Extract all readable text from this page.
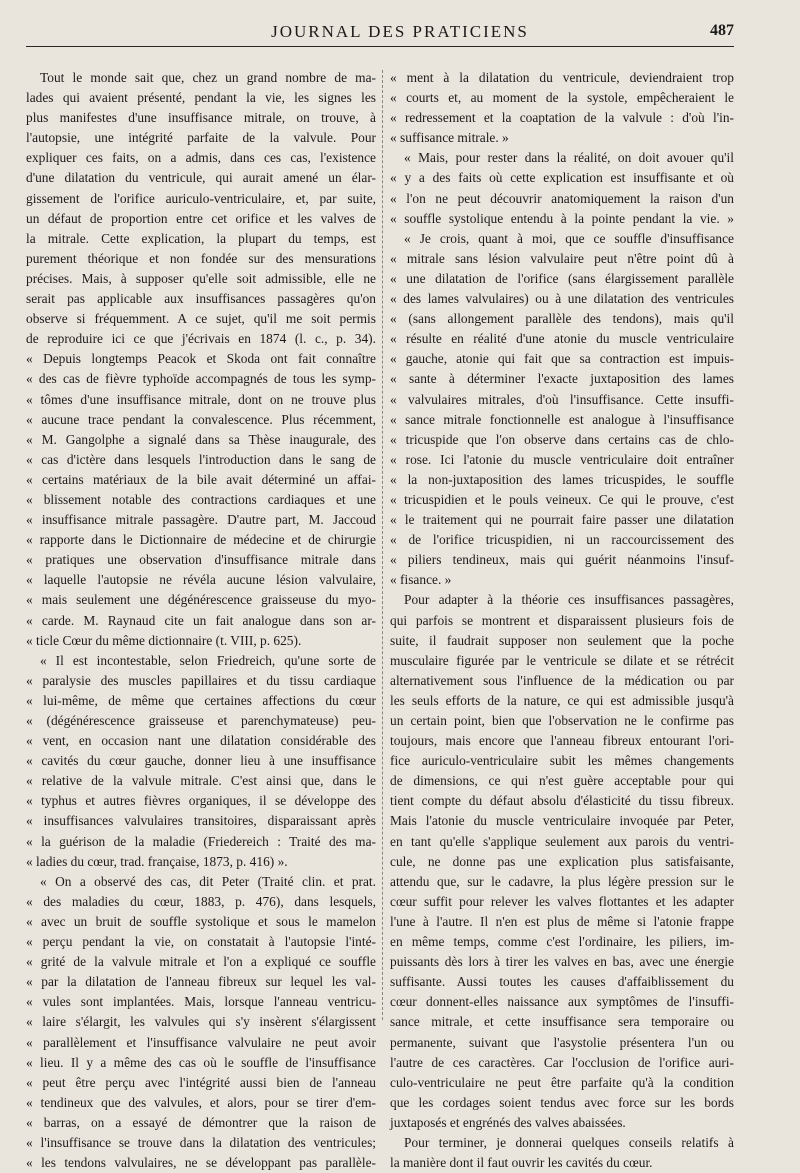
JOURNAL DES PRATICIENS	487
Tout le monde sait que, chez un grand nombre de ma-
lades qui avaient présenté, pendant la vie, les signes les
plus manifestes d'une insuffisance mitrale, on trouve, à
l'autopsie, une intégrité parfaite de la valvule. Pour
expliquer ces faits, on a admis, dans ces cas, l'existence
d'une dilatation du ventricule, qui aurait amené un élar-
gissement de l'orifice auriculo-ventriculaire, et, par suite,
un défaut de proportion entre cet orifice et les valves de
la mitrale. Cette explication, la plupart du temps, est
purement théorique et non fondée sur des mensurations
précises. Mais, à supposer qu'elle soit admissible, elle ne
serait pas applicable aux insuffisances passagères qu'on
observe si fréquemment. A ce sujet, qu'il me soit permis
de reproduire ici ce que j'écrivais en 1874 (l. c., p. 34).
« Depuis longtemps Peacok et Skoda ont fait connaître
« des cas de fièvre typhoïde accompagnés de tous les symp-
« tômes d'une insuffisance mitrale, dont on ne trouve plus
« aucune trace pendant la convalescence. Plus récemment,
« M. Gangolphe a signalé dans sa Thèse inaugurale, des
« cas d'ictère dans lesquels l'introduction dans le sang de
« certains matériaux de la bile avait déterminé un affai-
« blissement notable des contractions cardiaques et une
« insuffisance mitrale passagère. D'autre part, M. Jaccoud
« rapporte dans le Dictionnaire de médecine et de chirurgie
« pratiques une observation d'insuffisance mitrale dans
« laquelle l'autopsie ne révéla aucune lésion valvulaire,
« mais seulement une dégénérescence graisseuse du myo-
« carde. M. Raynaud cite un fait analogue dans son ar-
« ticle Cœur du même dictionnaire (t. VIII, p. 625).
« Il est incontestable, selon Friedreich, qu'une sorte de
« paralysie des muscles papillaires et du tissu cardiaque
« lui-même, de même que certaines affections du cœur
« (dégénérescence graisseuse et parenchymateuse) peu-
« vent, en occasion nant une dilatation considérable des
« cavités du cœur gauche, donner lieu à une insuffisance
« relative de la valvule mitrale. C'est ainsi que, dans le
« typhus et autres fièvres organiques, il se développe des
« insuffisances valvulaires transitoires, disparaissant après
« la guérison de la maladie (Friedereich : Traité des ma-
« ladies du cœur, trad. française, 1873, p. 416) ».
« On a observé des cas, dit Peter (Traité clin. et prat.
« des maladies du cœur, 1883, p. 476), dans lesquels,
« avec un bruit de souffle systolique et sous le mamelon
« perçu pendant la vie, on constatait à l'autopsie l'inté-
« grité de la valvule mitrale et l'on a expliqué ce souffle
« par la dilatation de l'anneau fibreux sur lequel les val-
« vules sont implantées. Mais, lorsque l'anneau ventricu-
« laire s'élargit, les valvules qui s'y insèrent s'élargissent
« parallèlement et l'insuffisance valvulaire ne peut avoir
« lieu. Il y a même des cas où le souffle de l'insuffisance
« peut être perçu avec l'intégrité aussi bien de l'anneau
« tendineux que des valvules, et alors, pour se tirer d'em-
« barras, on a essayé de démontrer que la raison de
« l'insuffisance se trouve dans la dilatation des ventricules;
« les tendons valvulaires, ne se développant pas parallèle-
« ment à la dilatation du ventricule, deviendraient trop
« courts et, au moment de la systole, empêcheraient le
« redressement et la coaptation de la valvule : d'où l'in-
« suffisance mitrale. »
« Mais, pour rester dans la réalité, on doit avouer qu'il
« y a des faits où cette explication est insuffisante et où
« l'on ne peut découvrir anatomiquement la raison d'un
« souffle systolique entendu à la pointe pendant la vie. »
« Je crois, quant à moi, que ce souffle d'insuffisance
« mitrale sans lésion valvulaire peut n'être point dû à
« une dilatation de l'orifice (sans élargissement parallèle
« des lames valvulaires) ou à une dilatation des ventricules
« (sans allongement parallèle des tendons), mais qu'il
« résulte en réalité d'une atonie du muscle ventriculaire
« gauche, atonie qui fait que sa contraction est impuis-
« sante à déterminer l'exacte juxtaposition des lames
« valvulaires mitrales, d'où l'insuffisance. Cette insuffi-
« sance mitrale fonctionnelle est analogue à l'insuffisance
« tricuspide que l'on observe dans certains cas de chlo-
« rose. Ici l'atonie du muscle ventriculaire doit entraîner
« la non-juxtaposition des lames tricuspides, le souffle
« tricuspidien et le pouls veineux. Ce qui le prouve, c'est
« le traitement qui ne pourrait faire passer une dilatation
« de l'orifice tricuspidien, ni un raccourcissement des
« piliers tendineux, mais qui guérit néanmoins l'insuf-
« fisance. »
Pour adapter à la théorie ces insuffisances passagères,
qui parfois se montrent et disparaissent plusieurs fois de
suite, il faudrait supposer non seulement que la poche
musculaire figurée par le ventricule se dilate et se rétrécit
alternativement sous l'influence de la médication ou par
les seuls efforts de la nature, ce qui est admissible jusqu'à
un certain point, bien que l'observation ne le confirme pas
toujours, mais encore que l'anneau fibreux entourant l'ori-
fice auriculo-ventriculaire subit les mêmes changements
de dimensions, ce qui n'est guère acceptable pour qui
tient compte du défaut absolu d'élasticité du tissu fibreux.
Mais l'atonie du muscle ventriculaire invoquée par Peter,
en tant qu'elle s'applique seulement aux parois du ventri-
cule, ne donne pas une explication plus satisfaisante,
attendu que, sur le cadavre, la plus légère pression sur le
cœur suffit pour relever les valves flottantes et les adapter
l'une à l'autre. Il n'en est plus de même si l'atonie frappe
en même temps, comme c'est l'ordinaire, les piliers, im-
puissants dès lors à tirer les valves en bas, avec une énergie
suffisante. Aussi toutes les causes d'affaiblissement du
cœur donnent-elles naissance aux symptômes de l'insuffi-
sance mitrale, et cette insuffisance sera temporaire ou
permanente, suivant que l'asystolie présentera l'un ou
l'autre de ces caractères. Car l'occlusion de l'orifice auri-
culo-ventriculaire ne peut être parfaite qu'à la condition
que les cordages soient tendus avec force sur les bords
juxtaposés et engrénés des valves abaissées.
Pour terminer, je donnerai quelques conseils relatifs à
la manière dont il faut ouvrir les cavités du cœur.
